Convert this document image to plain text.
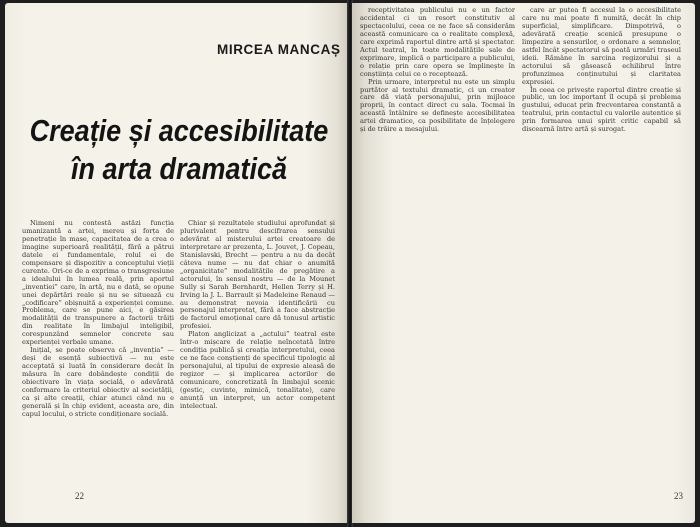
MIRCEA MANCAȘ
Creație și accesibilitate
în arta dramatică

Nimeni nu contestă astăzi funcția umanizantă a artei, mereu și forța de penetrație în mase, capacitatea de a crea o imagine superioară realității, fără a pătrui datele ei fundamentale, rolul ei de compensare și dispozitiv a conceptului vieții curente. Ori-ce de a exprima o transgresiune a idealului în lumea reală, prin aportul „inventiei” care, în artă, nu e dată, se opune unei depărtări reale și nu se situează cu „codificare” obișnuită a experienței comune. Problema, care se pune aici, e găsirea modalității de transpunere a factorii trăiți din realitate în limbajul inteligibil, corespunzând semnelor concrete sau experienței verbale umane.

Inițial, se poate observa că „invenția” — deși de esență subiectivă — nu este acceptată și luată în considerare decât în măsura în care dobândește condiții de obiectivare în viața socială, o adevărată conformare la criteriul obiectiv al societății, ca și alte creații, chiar atunci când nu e generală și în chip evident, aceasta are, din capul locului, o stricte condiționare socială.

Chiar și rezultatele studiului aprofundat și plurivalent pentru descifrarea sensului adevărat al misterului artei creatoare de interpretare ar prezenta, L. Jouvet, J. Copeau, Stanislavski, Brecht — pentru a nu da decât câteva nume — nu dat chiar o anumită „organicitate” modalitățile de pregătire a actorului, în sensul nostru — de la Mounet Sully și Sarah Bernhardt, Hellen Terry și H. Irving la J. L. Barrault și Madeleine Renaud — au demonstrat nevoia identificării cu personajul interpretat, fără a face abstracție de factorul emoțional care dă tonusul artistic profesiei.

Platon anglicizat a „actului” teatral este într-o mișcare de relație neîncetată între condiția publică și creația interpretului, ceea ce ne face conștienți de specificul tipologic al personajului, al tipului de expresie aleasă de regizor — și implicarea actorilor de comunicare, concretizată în limbajul scenic (gestic, cuvinte, mimică, tonalitate), care anunță un interpret, un actor competent intelectual.

22

receptivitatea publicului nu e un factor accidental ci un resort constitutiv al spectacolului, ceea ce ne face să considerăm această comunicare ca o realitate complexă, care exprimă raportul dintre artă și spectator. Actul teatral, în toate modalitățile sale de exprimare, implică o participare a publicului, o relație prin care opera se împlinește în conștiința celui ce o receptează.

Prin urmare, interpretul nu este un simplu purtător al textului dramatic, ci un creator care dă viață personajului, prin mijloace proprii, în contact direct cu sala. Tocmai în această întâlnire se definește accesibilitatea artei dramatice, ca posibilitate de înțelegere și de trăire a mesajului.

care ar putea fi accesul la o accesibilitate care nu mai poate fi numită, decât în chip superficial, simplificare. Dimpotrivă, o adevărată creație scenică presupune o limpezire a sensurilor, o ordonare a semnelor, astfel încât spectatorul să poată urmări traseul ideii. Rămâne în sarcina regizorului și a actorului să găsească echilibrul între profunzimea conținutului și claritatea expresiei.

În ceea ce privește raportul dintre creație și public, un loc important îl ocupă și problema gustului, educat prin frecventarea constantă a teatrului, prin contactul cu valorile autentice și prin formarea unui spirit critic capabil să discearnă între artă și surogat.

23
